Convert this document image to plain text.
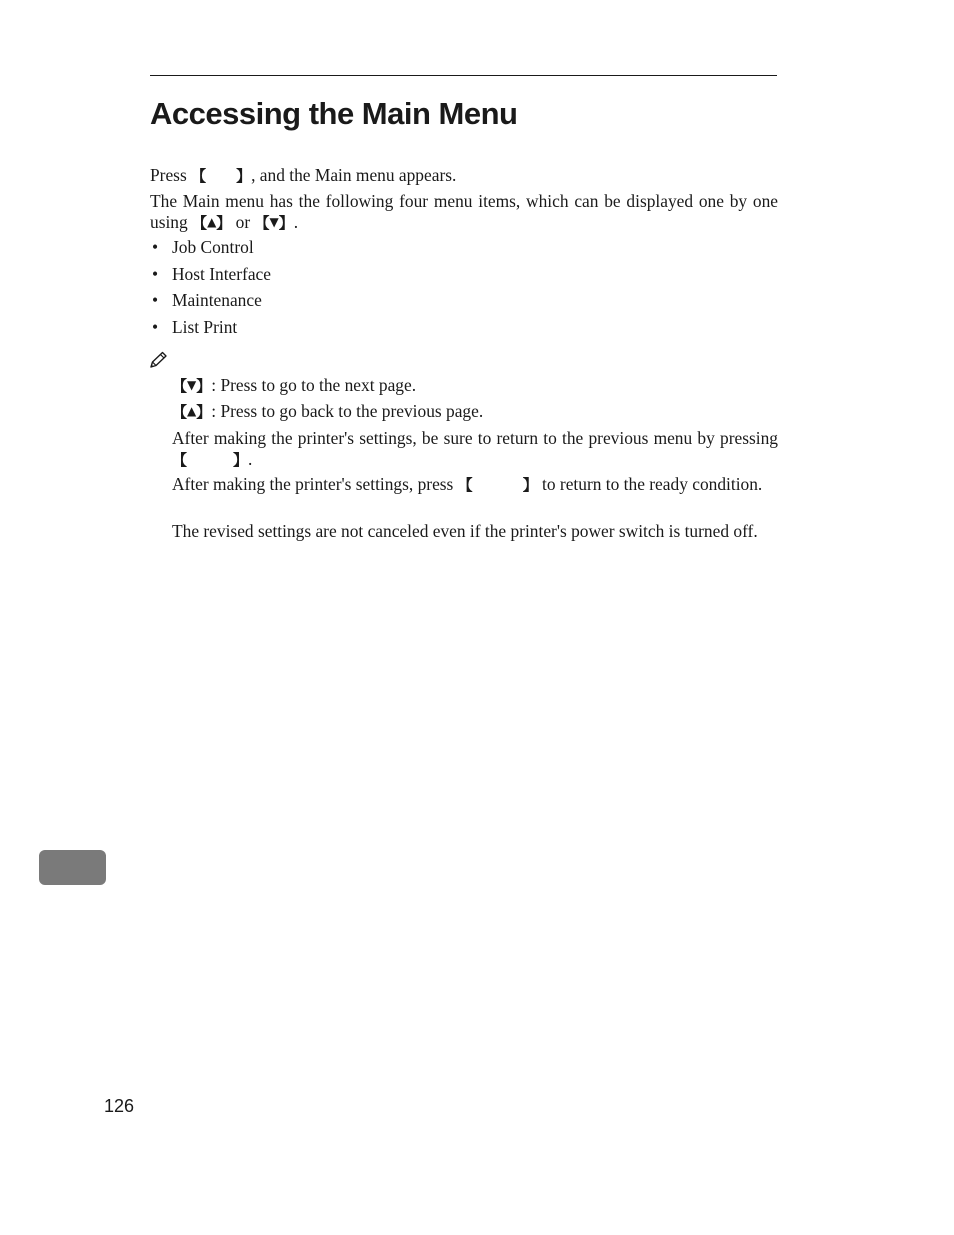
Accessing the Main Menu

Press 【 】, and the Main menu appears.

The Main menu has the following four menu items, which can be displayed one by one using 【▲】 or 【▼】.

• Job Control
• Host Interface
• Maintenance
• List Print

【▼】: Press to go to the next page.

【▲】: Press to go back to the previous page.

After making the printer's settings, be sure to return to the previous menu by pressing 【	】.

After making the printer's settings, press 【	】 to return to the ready condition.

The revised settings are not canceled even if the printer's power switch is turned off.

126
